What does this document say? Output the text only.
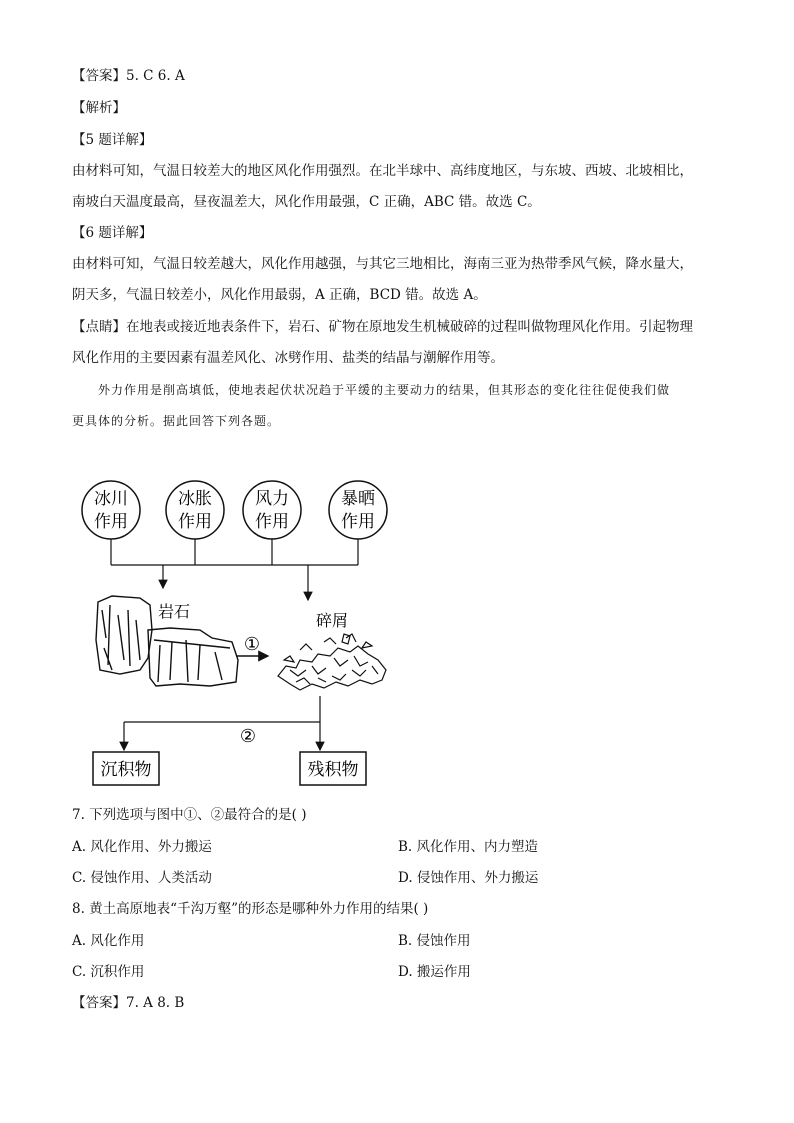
【答案】5. C 6. A
【解析】
【5 题详解】
由材料可知，气温日较差大的地区风化作用强烈。在北半球中、高纬度地区，与东坡、西坡、北坡相比，
南坡白天温度最高，昼夜温差大，风化作用最强，C 正确，ABC 错。故选 C。
【6 题详解】
由材料可知，气温日较差越大，风化作用越强，与其它三地相比，海南三亚为热带季风气候，降水量大，
阴天多，气温日较差小，风化作用最弱，A 正确，BCD 错。故选 A。
【点睛】在地表或接近地表条件下，岩石、矿物在原地发生机械破碎的过程叫做物理风化作用。引起物理
风化作用的主要因素有温差风化、冰劈作用、盐类的结晶与潮解作用等。
外力作用是削高填低，使地表起伏状况趋于平缓的主要动力的结果，但其形态的变化往往促使我们做
更具体的分析。据此回答下列各题。
冰川
作用
冰胀
作用
风力
作用
暴晒
作用
岩石
①
碎屑
②
沉积物	残积物
7. 下列选项与图中①、②最符合的是( )
A. 风化作用、外力搬运	B. 风化作用、内力塑造
C. 侵蚀作用、人类活动	D. 侵蚀作用、外力搬运
8. 黄土高原地表“千沟万壑”的形态是哪种外力作用的结果( )
A. 风化作用	B. 侵蚀作用
C. 沉积作用	D. 搬运作用
【答案】7. A 8. B
